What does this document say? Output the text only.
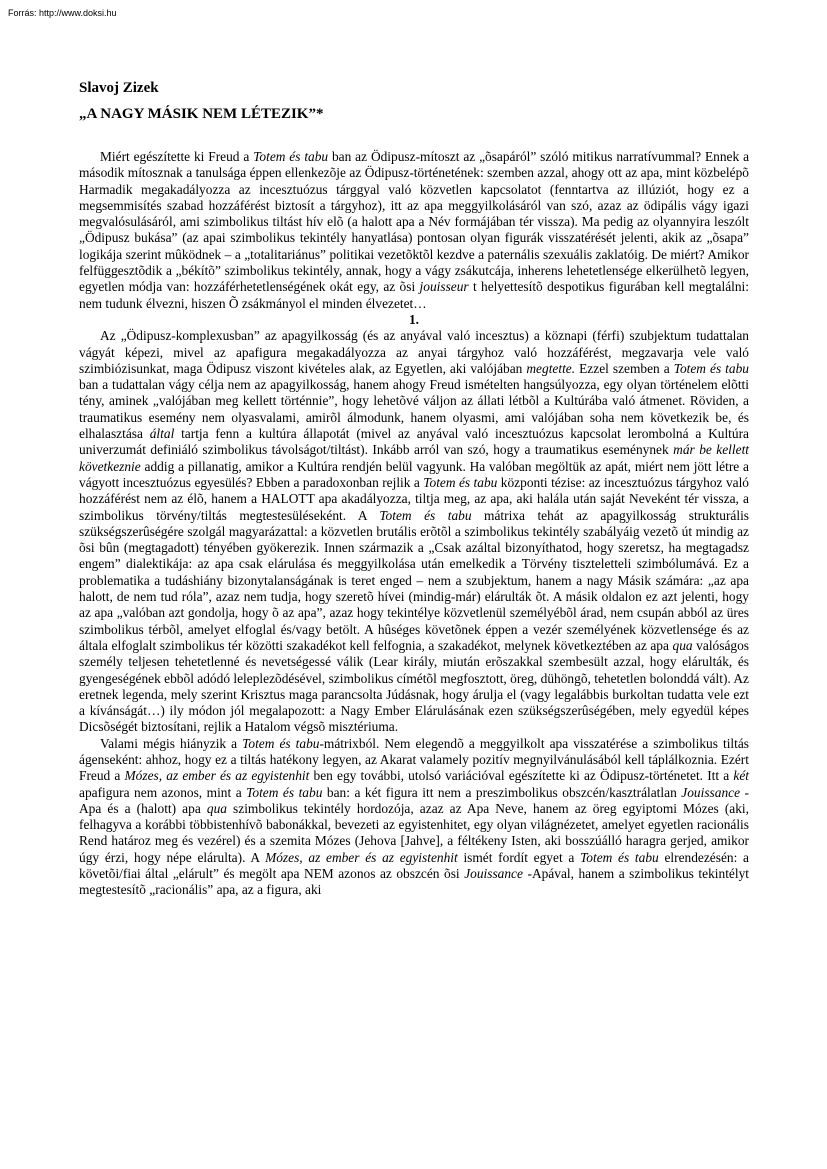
Forrás: http://www.doksi.hu
Slavoj Zizek
„A NAGY MÁSIK NEM LÉTEZIK”*

Miért egészítette ki Freud a Totem és tabu ban az Ödipusz-mítoszt az „õsapáról” szóló mitikus narratívummal? Ennek a második mítosznak a tanulsága éppen ellenkezõje az Ödipusz-történetének: szemben azzal, ahogy ott az apa, mint közbelépõ Harmadik megakadályozza az incesztuózus tárggyal való közvetlen kapcsolatot (fenntartva az illúziót, hogy ez a megsemmisítés szabad hozzáférést biztosít a tárgyhoz), itt az apa meggyilkolásáról van szó, azaz az ödipális vágy igazi megvalósulásáról, ami szimbolikus tiltást hív elõ (a halott apa a Név formájában tér vissza). Ma pedig az olyannyira leszólt „Ödipusz bukása” (az apai szimbolikus tekintély hanyatlása) pontosan olyan figurák visszatérését jelenti, akik az „õsapa” logikája szerint mûködnek – a „totalitariánus” politikai vezetõktõl kezdve a paternális szexuális zaklatóig. De miért? Amikor felfüggesztõdik a „békítõ” szimbolikus tekintély, annak, hogy a vágy zsákutcája, inherens lehetetlensége elkerülhetõ legyen, egyetlen módja van: hozzáférhetetlenségének okát egy, az õsi jouisseur t helyettesítõ despotikus figurában kell megtalálni: nem tudunk élvezni, hiszen Õ zsákmányol el minden élvezetet…

1.

Az „Ödipusz-komplexusban” az apagyilkosság (és az anyával való incesztus) a köznapi (férfi) szubjektum tudattalan vágyát képezi, mivel az apafigura megakadályozza az anyai tárgyhoz való hozzáférést, megzavarja vele való szimbiózisunkat, maga Ödipusz viszont kivételes alak, az Egyetlen, aki valójában megtette. Ezzel szemben a Totem és tabu ban a tudattalan vágy célja nem az apagyilkosság, hanem ahogy Freud ismételten hangsúlyozza, egy olyan történelem elõtti tény, aminek „valójában meg kellett történnie”, hogy lehetõvé váljon az állati létbõl a Kultúrába való átmenet. Röviden, a traumatikus esemény nem olyasvalami, amirõl álmodunk, hanem olyasmi, ami valójában soha nem következik be, és elhalasztása által tartja fenn a kultúra állapotát (mivel az anyával való incesztuózus kapcsolat lerombolná a Kultúra univerzumát definiáló szimbolikus távolságot/tiltást). Inkább arról van szó, hogy a traumatikus eseménynek már be kellett következnie addig a pillanatig, amikor a Kultúra rendjén belül vagyunk. Ha valóban megöltük az apát, miért nem jött létre a vágyott incesztuózus egyesülés? Ebben a paradoxonban rejlik a Totem és tabu központi tézise: az incesztuózus tárgyhoz való hozzáférést nem az élõ, hanem a HALOTT apa akadályozza, tiltja meg, az apa, aki halála után saját Neveként tér vissza, a szimbolikus törvény/tiltás megtestesüléseként. A Totem és tabu mátrixa tehát az apagyilkosság strukturális szükségszerûségére szolgál magyarázattal: a közvetlen brutális erõtõl a szimbolikus tekintély szabályáig vezetõ út mindig az õsi bûn (megtagadott) tényében gyökerezik. Innen származik a „Csak azáltal bizonyíthatod, hogy szeretsz, ha megtagadsz engem” dialektikája: az apa csak elárulása és meggyilkolása után emelkedik a Törvény tiszteletteli szimbólumává. Ez a problematika a tudáshiány bizonytalanságának is teret enged – nem a szubjektum, hanem a nagy Másik számára: „az apa halott, de nem tud róla”, azaz nem tudja, hogy szeretõ hívei (mindig-már) elárulták õt. A másik oldalon ez azt jelenti, hogy az apa „valóban azt gondolja, hogy õ az apa”, azaz hogy tekintélye közvetlenül személyébõl árad, nem csupán abból az üres szimbolikus térbõl, amelyet elfoglal és/vagy betölt. A hûséges követõnek éppen a vezér személyének közvetlensége és az általa elfoglalt szimbolikus tér közötti szakadékot kell felfognia, a szakadékot, melynek következtében az apa qua valóságos személy teljesen tehetetlenné és nevetségessé válik (Lear király, miután erõszakkal szembesült azzal, hogy elárulták, és gyengeségének ebbõl adódó leleplezõdésével, szimbolikus címétõl megfosztott, öreg, dühöngõ, tehetetlen bolonddá vált). Az eretnek legenda, mely szerint Krisztus maga parancsolta Júdásnak, hogy árulja el (vagy legalábbis burkoltan tudatta vele ezt a kívánságát…) ily módon jól megalapozott: a Nagy Ember Elárulásának ezen szükségszerûségében, mely egyedül képes Dicsõségét biztosítani, rejlik a Hatalom végsõ misztériuma.

Valami mégis hiányzik a Totem és tabu-mátrixból. Nem elegendõ a meggyilkolt apa visszatérése a szimbolikus tiltás ágenseként: ahhoz, hogy ez a tiltás hatékony legyen, az Akarat valamely pozitív megnyilvánulásából kell táplálkoznia. Ezért Freud a Mózes, az ember és az egyistenhit ben egy további, utolsó variációval egészítette ki az Ödipusz-történetet. Itt a két apafigura nem azonos, mint a Totem és tabu ban: a két figura itt nem a preszimbolikus obszcén/kasztrálatlan Jouissance -Apa és a (halott) apa qua szimbolikus tekintély hordozója, azaz az Apa Neve, hanem az öreg egyiptomi Mózes (aki, felhagyva a korábbi többistenhívõ babonákkal, bevezeti az egyistenhitet, egy olyan világnézetet, amelyet egyetlen racionális Rend határoz meg és vezérel) és a szemita Mózes (Jehova [Jahve], a féltékeny Isten, aki bosszúálló haragra gerjed, amikor úgy érzi, hogy népe elárulta). A Mózes, az ember és az egyistenhit ismét fordít egyet a Totem és tabu elrendezésén: a követõi/fiai által „elárult” és megölt apa NEM azonos az obszcén õsi Jouissance -Apával, hanem a szimbolikus tekintélyt megtestesítõ „racionális” apa, az a figura, aki
